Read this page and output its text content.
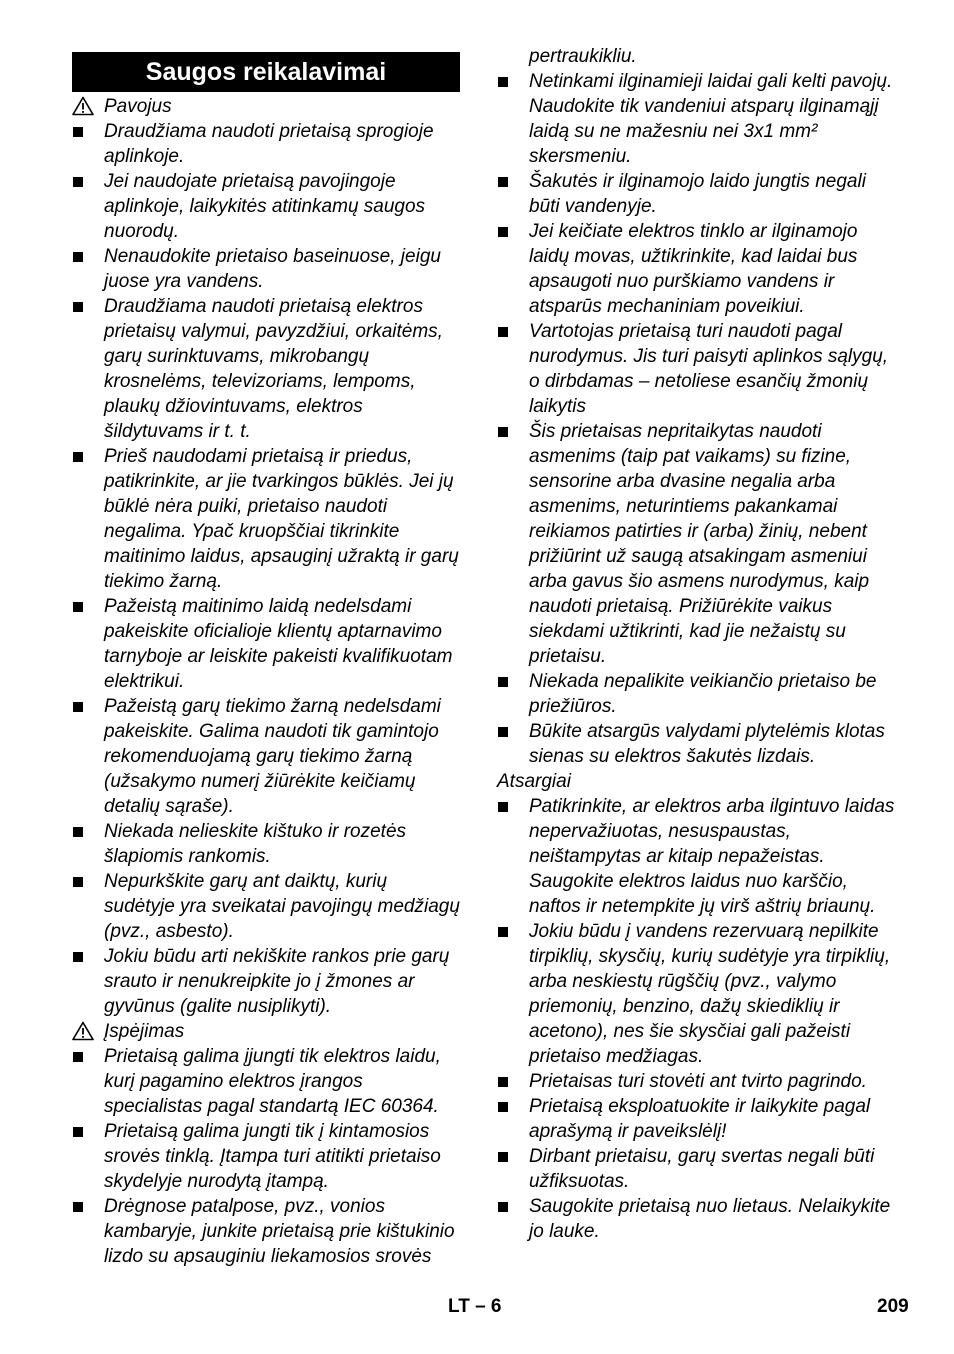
Saugos reikalavimai
Pavojus
Draudžiama naudoti prietaisą sprogioje aplinkoje.
Jei naudojate prietaisą pavojingoje aplinkoje, laikykitės atitinkamų saugos nuorodų.
Nenaudokite prietaiso baseinuose, jeigu juose yra vandens.
Draudžiama naudoti prietaisą elektros prietaisų valymui, pavyzdžiui, orkaitėms, garų surinktuvams, mikrobangų krosnelėms, televizoriams, lempoms, plaukų džiovintuvams, elektros šildytuvams ir t. t.
Prieš naudodami prietaisą ir priedus, patikrinkite, ar jie tvarkingos būklės. Jei jų būklė nėra puiki, prietaiso naudoti negalima. Ypač kruopščiai tikrinkite maitinimo laidus, apsauginį užraktą ir garų tiekimo žarną.
Pažeistą maitinimo laidą nedelsdami pakeiskite oficialioje klientų aptarnavimo tarnyboje ar leiskite pakeisti kvalifikuotam elektrikui.
Pažeistą garų tiekimo žarną nedelsdami pakeiskite. Galima naudoti tik gamintojo rekomenduojamą garų tiekimo žarną (užsakymo numerį žiūrėkite keičiamų detalių sąraše).
Niekada nelieskite kištuko ir rozetės šlapiomis rankomis.
Nepurkškite garų ant daiktų, kurių sudėtyje yra sveikatai pavojingų medžiagų (pvz., asbesto).
Jokiu būdu arti nekiškite rankos prie garų srauto ir nenukreipkite jo į žmones ar gyvūnus (galite nusiplikyti).
Įspėjimas
Prietaisą galima įjungti tik elektros laidu, kurį pagamino elektros įrangos specialistas pagal standartą IEC 60364.
Prietaisą galima jungti tik į kintamosios srovės tinklą. Įtampa turi atitikti prietaiso skydelyje nurodytą įtampą.
Drėgnose patalpose, pvz., vonios kambaryje, junkite prietaisą prie kištukinio lizdo su apsauginiu liekamosios srovės
pertraukikliu.
Netinkami ilginamieji laidai gali kelti pavojų. Naudokite tik vandeniui atsparų ilginamąjį laidą su ne mažesniu nei 3x1 mm² skersmeniu.
Šakutės ir ilginamojo laido jungtis negali būti vandenyje.
Jei keičiate elektros tinklo ar ilginamojo laidų movas, užtikrinkite, kad laidai bus apsaugoti nuo purškiamo vandens ir atsparūs mechaniniam poveikiui.
Vartotojas prietaisą turi naudoti pagal nurodymus. Jis turi paisyti aplinkos sąlygų, o dirbdamas – netoliese esančių žmonių laikytis
Šis prietaisas nepritaikytas naudoti asmenims (taip pat vaikams) su fizine, sensorine arba dvasine negalia arba asmenims, neturintiems pakankamai reikiamos patirties ir (arba) žinių, nebent prižiūrint už saugą atsakingam asmeniui arba gavus šio asmens nurodymus, kaip naudoti prietaisą. Prižiūrėkite vaikus siekdami užtikrinti, kad jie nežaistų su prietaisu.
Niekada nepalikite veikiančio prietaiso be priežiūros.
Būkite atsargūs valydami plytelėmis klotas sienas su elektros šakutės lizdais.
Atsargiai
Patikrinkite, ar elektros arba ilgintuvo laidas nepervažiuotas, nesuspaustas, neištampytas ar kitaip nepažeistas. Saugokite elektros laidus nuo karščio, naftos ir netempkite jų virš aštrių briaunų.
Jokiu būdu į vandens rezervuarą nepilkite tirpiklių, skysčių, kurių sudėtyje yra tirpiklių, arba neskiestų rūgščių (pvz., valymo priemonių, benzino, dažų skiediklių ir acetono), nes šie skysčiai gali pažeisti prietaiso medžiagas.
Prietaisas turi stovėti ant tvirto pagrindo.
Prietaisą eksploatuokite ir laikykite pagal aprašymą ir paveikslėlį!
Dirbant prietaisu, garų svertas negali būti užfiksuotas.
Saugokite prietaisą nuo lietaus. Nelaikykite jo lauke.
LT – 6	209
